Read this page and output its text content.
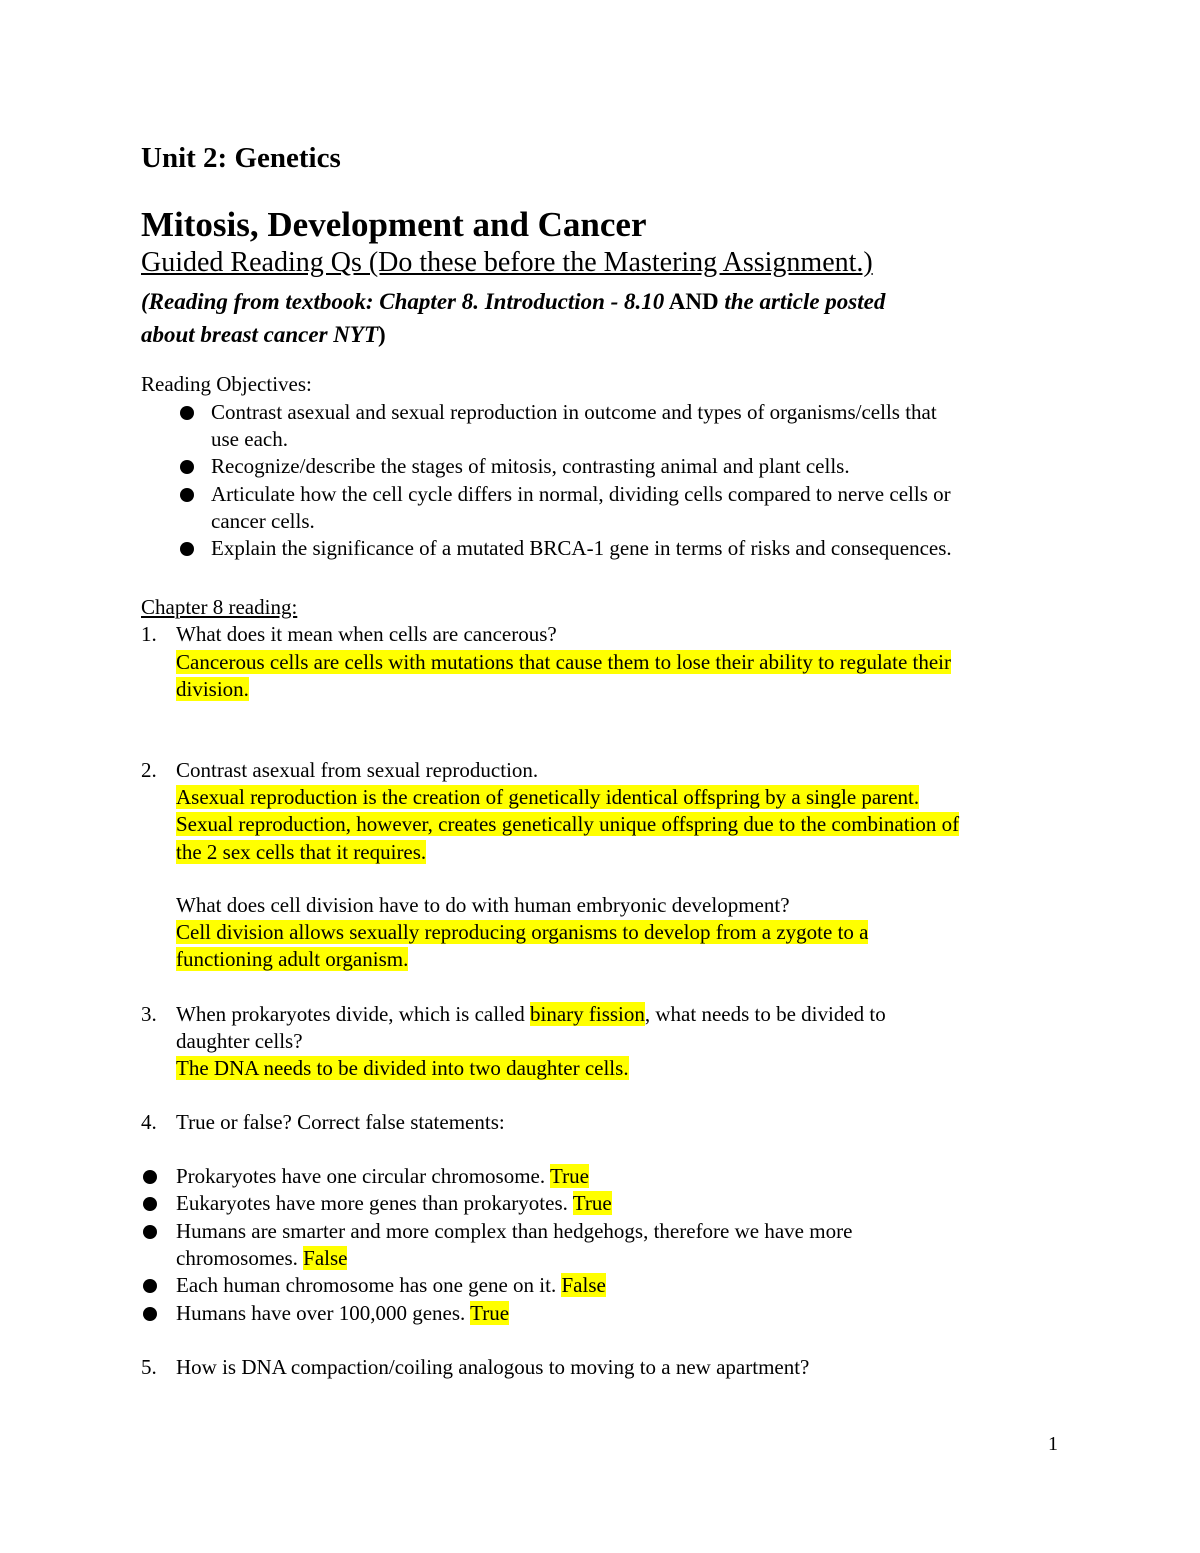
Unit 2: Genetics
Mitosis, Development and Cancer
Guided Reading Qs (Do these before the Mastering Assignment.)
(Reading from textbook: Chapter 8. Introduction - 8.10 AND the article posted
about breast cancer NYT)
Reading Objectives:
Contrast asexual and sexual reproduction in outcome and types of organisms/cells that
use each.
Recognize/describe the stages of mitosis, contrasting animal and plant cells.
Articulate how the cell cycle differs in normal, dividing cells compared to nerve cells or
cancer cells.
Explain the significance of a mutated BRCA-1 gene in terms of risks and consequences.
Chapter 8 reading:
1. What does it mean when cells are cancerous?
Cancerous cells are cells with mutations that cause them to lose their ability to regulate their
division.
2. Contrast asexual from sexual reproduction.
Asexual reproduction is the creation of genetically identical offspring by a single parent.
Sexual reproduction, however, creates genetically unique offspring due to the combination of
the 2 sex cells that it requires.
What does cell division have to do with human embryonic development?
Cell division allows sexually reproducing organisms to develop from a zygote to a
functioning adult organism.
3. When prokaryotes divide, which is called binary fission, what needs to be divided to
daughter cells?
The DNA needs to be divided into two daughter cells.
4. True or false? Correct false statements:
Prokaryotes have one circular chromosome. True
Eukaryotes have more genes than prokaryotes. True
Humans are smarter and more complex than hedgehogs, therefore we have more
chromosomes. False
Each human chromosome has one gene on it. False
Humans have over 100,000 genes. True
5. How is DNA compaction/coiling analogous to moving to a new apartment?
1
